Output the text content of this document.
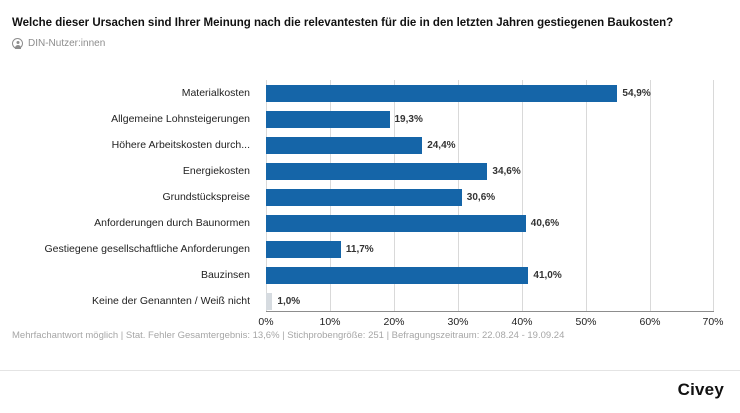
Welche dieser Ursachen sind Ihrer Meinung nach die relevantesten für die in den letzten Jahren gestiegenen Baukosten?
DIN-Nutzer:innen
Materialkosten
Allgemeine Lohnsteigerungen
Höhere Arbeitskosten durch...
Energiekosten
Grundstückspreise
Anforderungen durch Baunormen
Gestiegene gesellschaftliche Anforderungen
Bauzinsen
Keine der Genannten / Weiß nicht
54,9%
19,3%
24,4%
34,6%
30,6%
40,6%
11,7%
41,0%
1,0%
0%	10%	20%	30%	40%	50%	60%	70%
Mehrfachantwort möglich | Stat. Fehler Gesamtergebnis: 13,6% | Stichprobengröße: 251 | Befragungszeitraum: 22.08.24 - 19.09.24
Civey
